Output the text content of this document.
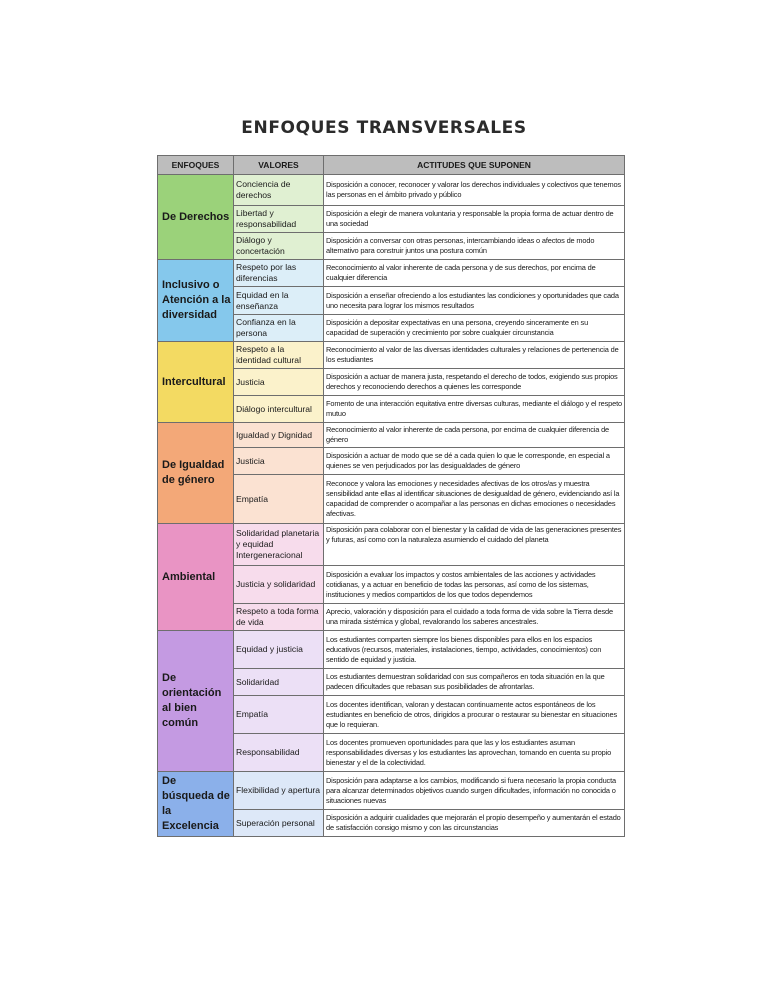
ENFOQUES TRANSVERSALES
ENFOQUES	VALORES	ACTITUDES QUE SUPONEN
De Derechos	Conciencia de derechos	Disposición a conocer, reconocer y valorar los derechos individuales y colectivos que tenemos las personas en el ámbito privado y público
	Libertad y responsabilidad	Disposición a elegir de manera voluntaria y responsable la propia forma de actuar dentro de una sociedad
	Diálogo y concertación	Disposición a conversar con otras personas, intercambiando ideas o afectos de modo alternativo para construir juntos una postura común
Inclusivo o Atención a la diversidad	Respeto por las diferencias	Reconocimiento al valor inherente de cada persona y de sus derechos, por encima de cualquier diferencia
	Equidad en la enseñanza	Disposición a enseñar ofreciendo a los estudiantes las condiciones y oportunidades que cada uno necesita para lograr los mismos resultados
	Confianza en la persona	Disposición a depositar expectativas en una persona, creyendo sinceramente en su capacidad de superación y crecimiento por sobre cualquier circunstancia
Intercultural	Respeto a la identidad cultural	Reconocimiento al valor de las diversas identidades culturales y relaciones de pertenencia de los estudiantes
	Justicia	Disposición a actuar de manera justa, respetando el derecho de todos, exigiendo sus propios derechos y reconociendo derechos a quienes les corresponde
	Diálogo intercultural	Fomento de una interacción equitativa entre diversas culturas, mediante el diálogo y el respeto mutuo
De Igualdad de género	Igualdad y Dignidad	Reconocimiento al valor inherente de cada persona, por encima de cualquier diferencia de género
	Justicia	Disposición a actuar de modo que se dé a cada quien lo que le corresponde, en especial a quienes se ven perjudicados por las desigualdades de género
	Empatía	Reconoce y valora las emociones y necesidades afectivas de los otros/as y muestra sensibilidad ante ellas al identificar situaciones de desigualdad de género, evidenciando así la capacidad de comprender o acompañar a las personas en dichas emociones o necesidades afectivas.
Ambiental	Solidaridad planetaria y equidad Intergeneracional	Disposición para colaborar con el bienestar y la calidad de vida de las generaciones presentes y futuras, así como con la naturaleza asumiendo el cuidado del planeta
	Justicia y solidaridad	Disposición a evaluar los impactos y costos ambientales de las acciones y actividades cotidianas, y a actuar en beneficio de todas las personas, así como de los sistemas, instituciones y medios compartidos de los que todos dependemos
	Respeto a toda forma de vida	Aprecio, valoración y disposición para el cuidado a toda forma de vida sobre la Tierra desde una mirada sistémica y global, revalorando los saberes ancestrales.
De orientación al bien común	Equidad y justicia	Los estudiantes comparten siempre los bienes disponibles para ellos en los espacios educativos (recursos, materiales, instalaciones, tiempo, actividades, conocimientos) con sentido de equidad y justicia.
	Solidaridad	Los estudiantes demuestran solidaridad con sus compañeros en toda situación en la que padecen dificultades que rebasan sus posibilidades de afrontarlas.
	Empatía	Los docentes identifican, valoran y destacan continuamente actos espontáneos de los estudiantes en beneficio de otros, dirigidos a procurar o restaurar su bienestar en situaciones que lo requieran.
	Responsabilidad	Los docentes promueven oportunidades para que las y los estudiantes asuman responsabilidades diversas y los estudiantes las aprovechan, tomando en cuenta su propio bienestar y el de la colectividad.
De búsqueda de la Excelencia	Flexibilidad y apertura	Disposición para adaptarse a los cambios, modificando si fuera necesario la propia conducta para alcanzar determinados objetivos cuando surgen dificultades, información no conocida o situaciones nuevas
	Superación personal	Disposición a adquirir cualidades que mejorarán el propio desempeño y aumentarán el estado de satisfacción consigo mismo y con las circunstancias
